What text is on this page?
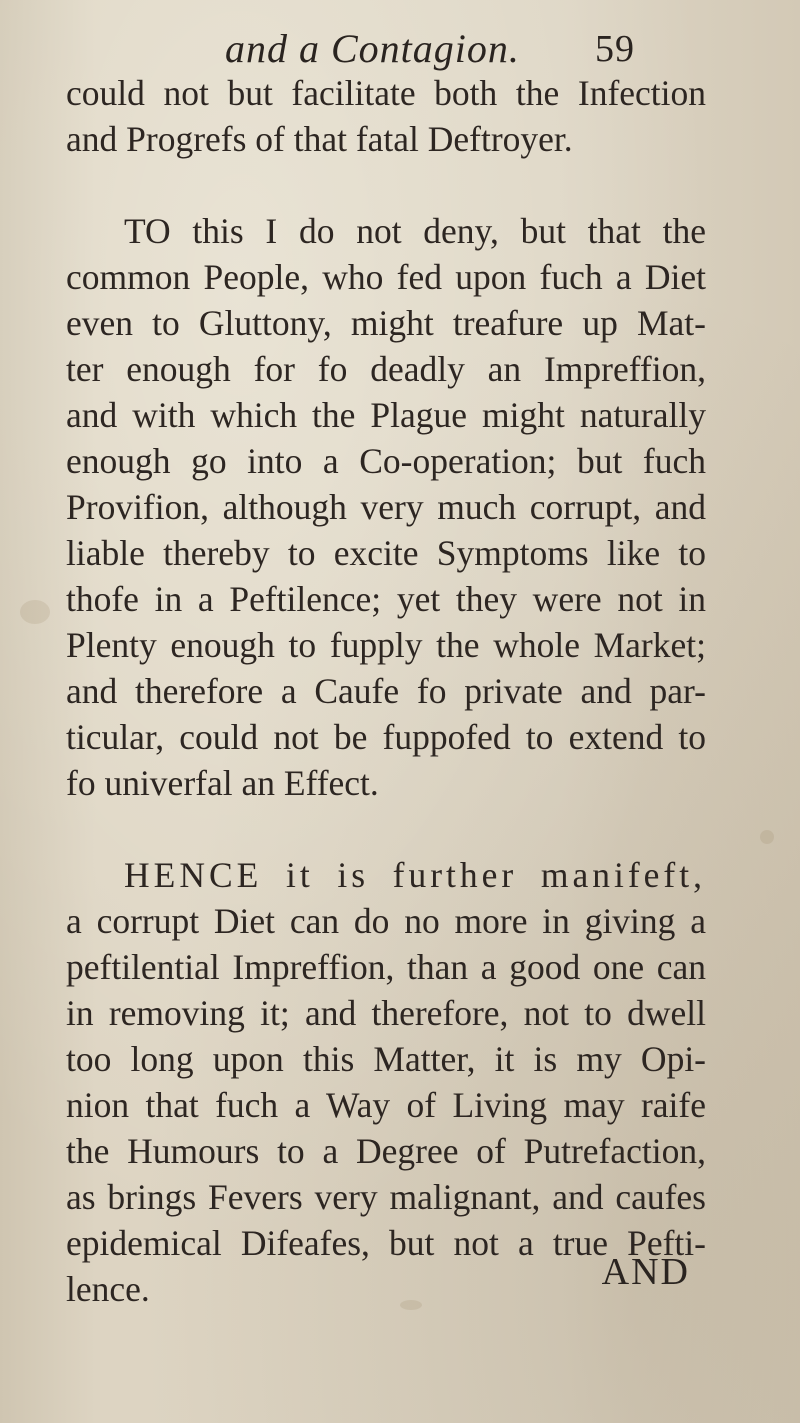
and a Contagion. 59
could not but facilitate both the Infection
and Progrefs of that fatal Deftroyer.
TO this I do not deny, but that the
common People, who fed upon fuch a Diet
even to Gluttony, might treafure up Mat-
ter enough for fo deadly an Impreffion,
and with which the Plague might naturally
enough go into a Co-operation; but fuch
Provifion, although very much corrupt, and
liable thereby to excite Symptoms like to
thofe in a Peftilence; yet they were not in
Plenty enough to fupply the whole Market;
and therefore a Caufe fo private and par-
ticular, could not be fuppofed to extend to
fo univerfal an Effect.
HENCE it is further manifeft,
a corrupt Diet can do no more in giving a
peftilential Impreffion, than a good one can
in removing it; and therefore, not to dwell
too long upon this Matter, it is my Opi-
nion that fuch a Way of Living may raife
the Humours to a Degree of Putrefaction,
as brings Fevers very malignant, and caufes
epidemical Difeafes, but not a true Pefti-
lence.	AND
